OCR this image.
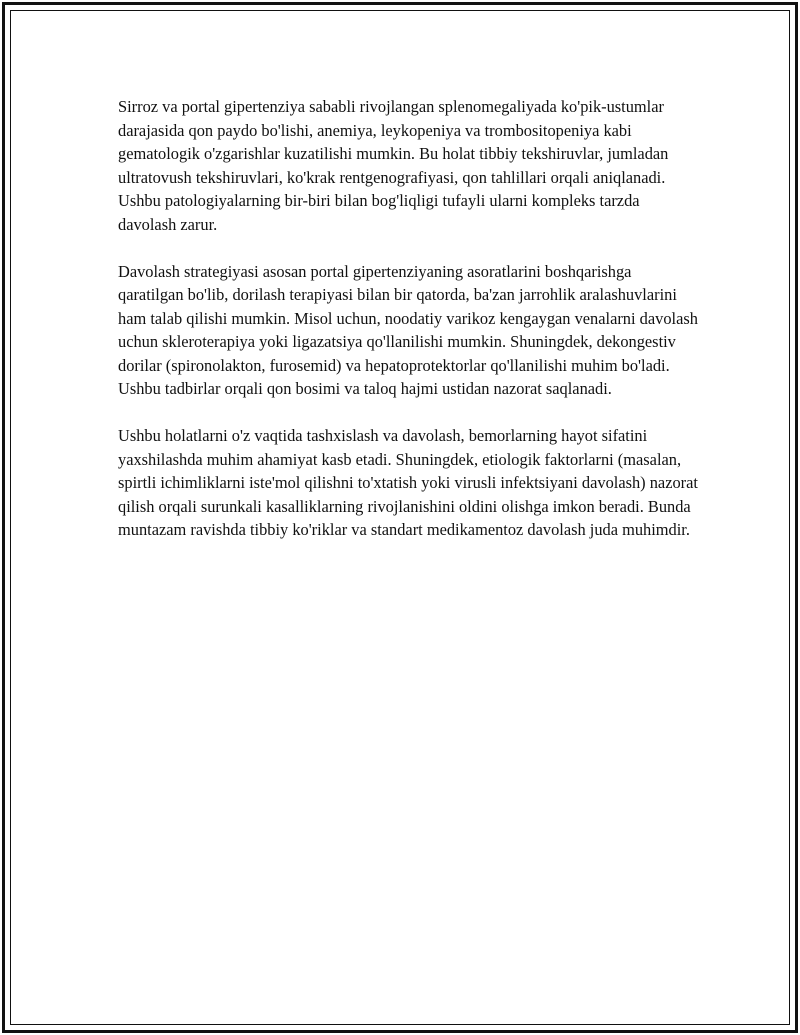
Sirroz va portal gipertenziya sababli rivojlangan splenomegaliyada ko'pik-ustumlar darajasida qon paydo bo'lishi, anemiya, leykopeniya va trombositopeniya kabi gematologik o'zgarishlar kuzatilishi mumkin. Bu holat tibbiy tekshiruvlar, jumladan ultratovush tekshiruvlari, ko'krak rentgenografiyasi, qon tahlillari orqali aniqlanadi. Ushbu patologiyalarning bir-biri bilan bog'liqligi tufayli ularni kompleks tarzda davolash zarur.

Davolash strategiyasi asosan portal gipertenziyaning asoratlarini boshqarishga qaratilgan bo'lib, dorilash terapiyasi bilan bir qatorda, ba'zan jarrohlik aralashuvlarini ham talab qilishi mumkin. Misol uchun, noodatiy varikoz kengaygan venalarni davolash uchun skleroterapiya yoki ligazatsiya qo'llanilishi mumkin. Shuningdek, dekongestiv dorilar (spironolakton, furosemid) va hepatoprotektorlar qo'llanilishi muhim bo'ladi. Ushbu tadbirlar orqali qon bosimi va taloq hajmi ustidan nazorat saqlanadi.

Ushbu holatlarni o'z vaqtida tashxislash va davolash, bemorlarning hayot sifatini yaxshilashda muhim ahamiyat kasb etadi. Shuningdek, etiologik faktorlarni (masalan, spirtli ichimliklarni iste'mol qilishni to'xtatish yoki virusli infektsiyani davolash) nazorat qilish orqali surunkali kasalliklarning rivojlanishini oldini olishga imkon beradi. Bunda muntazam ravishda tibbiy ko'riklar va standart medikamentoz davolash juda muhimdir.
